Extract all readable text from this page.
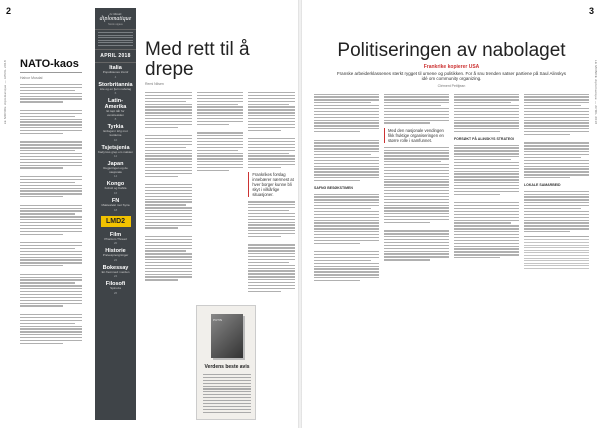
2
LE MONDE diplomatique — APRIL 2018 NATO-kaos
Halvor Musdal
Le Monde
diplomatique
Norsk utgave
APRIL 2018
Italia
Populistenes triumf
4
Storbritannia
Lite og en fjern nabolag
6
Latin-Amerika
Et tapt tiår for venstresiden
8
Tyrkia
Erdogan i krig mot kurderne
10
Tsjetsjenia
Kadyrovs grep om makten
12
Japan
Regjeringen og de nasjonale
14
Kongo
Kobolt og Kabila
16
FN
Maktesløst mot Syria
18
LMD2
Film
Phantom Thread
20
Historie
Prøvesprengninger
22
Bokessay
En fremmed i verden
24
Filosofi
Spinoza
26
Med rett til å drepe
Remi Nilsen
Frankrikes forslag innebærer nærmest at hver borger kunne bli skyt i vilkårlige situasjoner.
PUTIN
Verdens beste avis
3
LE MONDE diplomatique — APRIL 2018
Politiseringen av nabolaget
Frankrike kopierer USA
Franske arbeiderklassenes sterkt rygget til urnene og politikken. For å snu trenden satser partiene på Saul Alinskys idé om community organizing.
Clément Petitjean
SAFNG BESØKSTIMEN
Med den nasjonale vendingen fikk fruktige organiseringen en større rolle i samfunnet.	FORSØKT PÅ ALINSKYS STRATEGI
LOKALE SAMARBEID
